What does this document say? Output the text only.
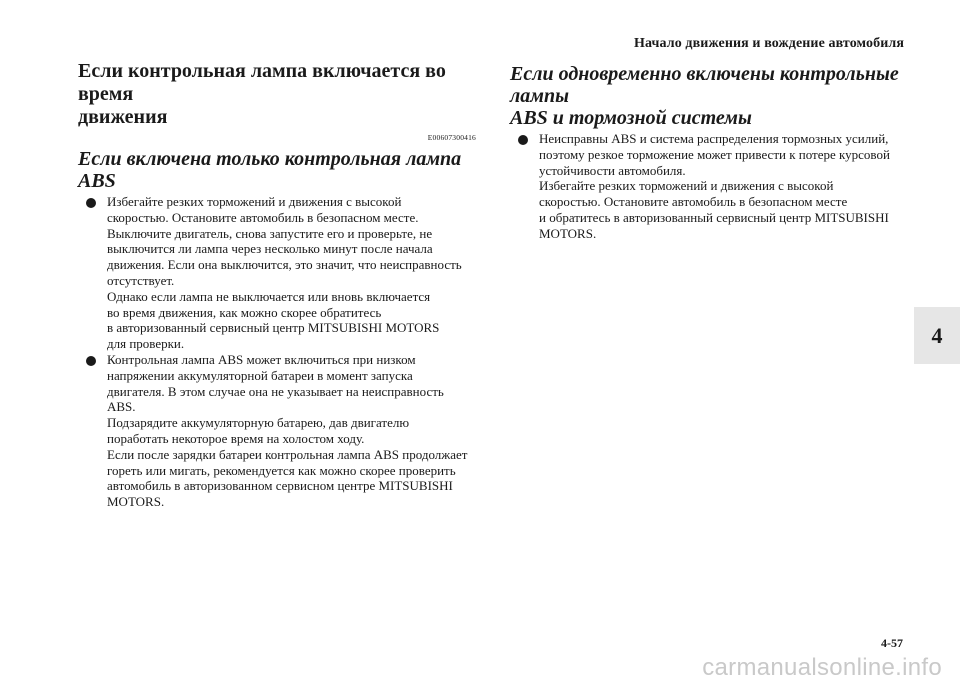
Начало движения и вождение автомобиля
Если контрольная лампа включается во время
движения
E00607300416
Если включена только контрольная лампа ABS

Избегайте резких торможений и движения с высокой
скоростью. Остановите автомобиль в безопасном месте.
Выключите двигатель, снова запустите его и проверьте, не
выключится ли лампа через несколько минут после начала
движения. Если она выключится, это значит, что неисправность
отсутствует.

Однако если лампа не выключается или вновь включается
во время движения, как можно скорее обратитесь
в авторизованный сервисный центр MITSUBISHI MOTORS
для проверки.

Контрольная лампа ABS может включиться при низком
напряжении аккумуляторной батареи в момент запуска
двигателя. В этом случае она не указывает на неисправность
ABS.

Подзарядите аккумуляторную батарею, дав двигателю
поработать некоторое время на холостом ходу.

Если после зарядки батареи контрольная лампа ABS продолжает
гореть или мигать, рекомендуется как можно скорее проверить
автомобиль в авторизованном сервисном центре MITSUBISHI
MOTORS.

Если одновременно включены контрольные лампы
ABS и тормозной системы

Неисправны ABS и система распределения тормозных усилий,
поэтому резкое торможение может привести к потере курсовой
устойчивости автомобиля.

Избегайте резких торможений и движения с высокой
скоростью. Остановите автомобиль в безопасном месте
и обратитесь в авторизованный сервисный центр MITSUBISHI
MOTORS.

4
4-57
carmanualsonline.info
